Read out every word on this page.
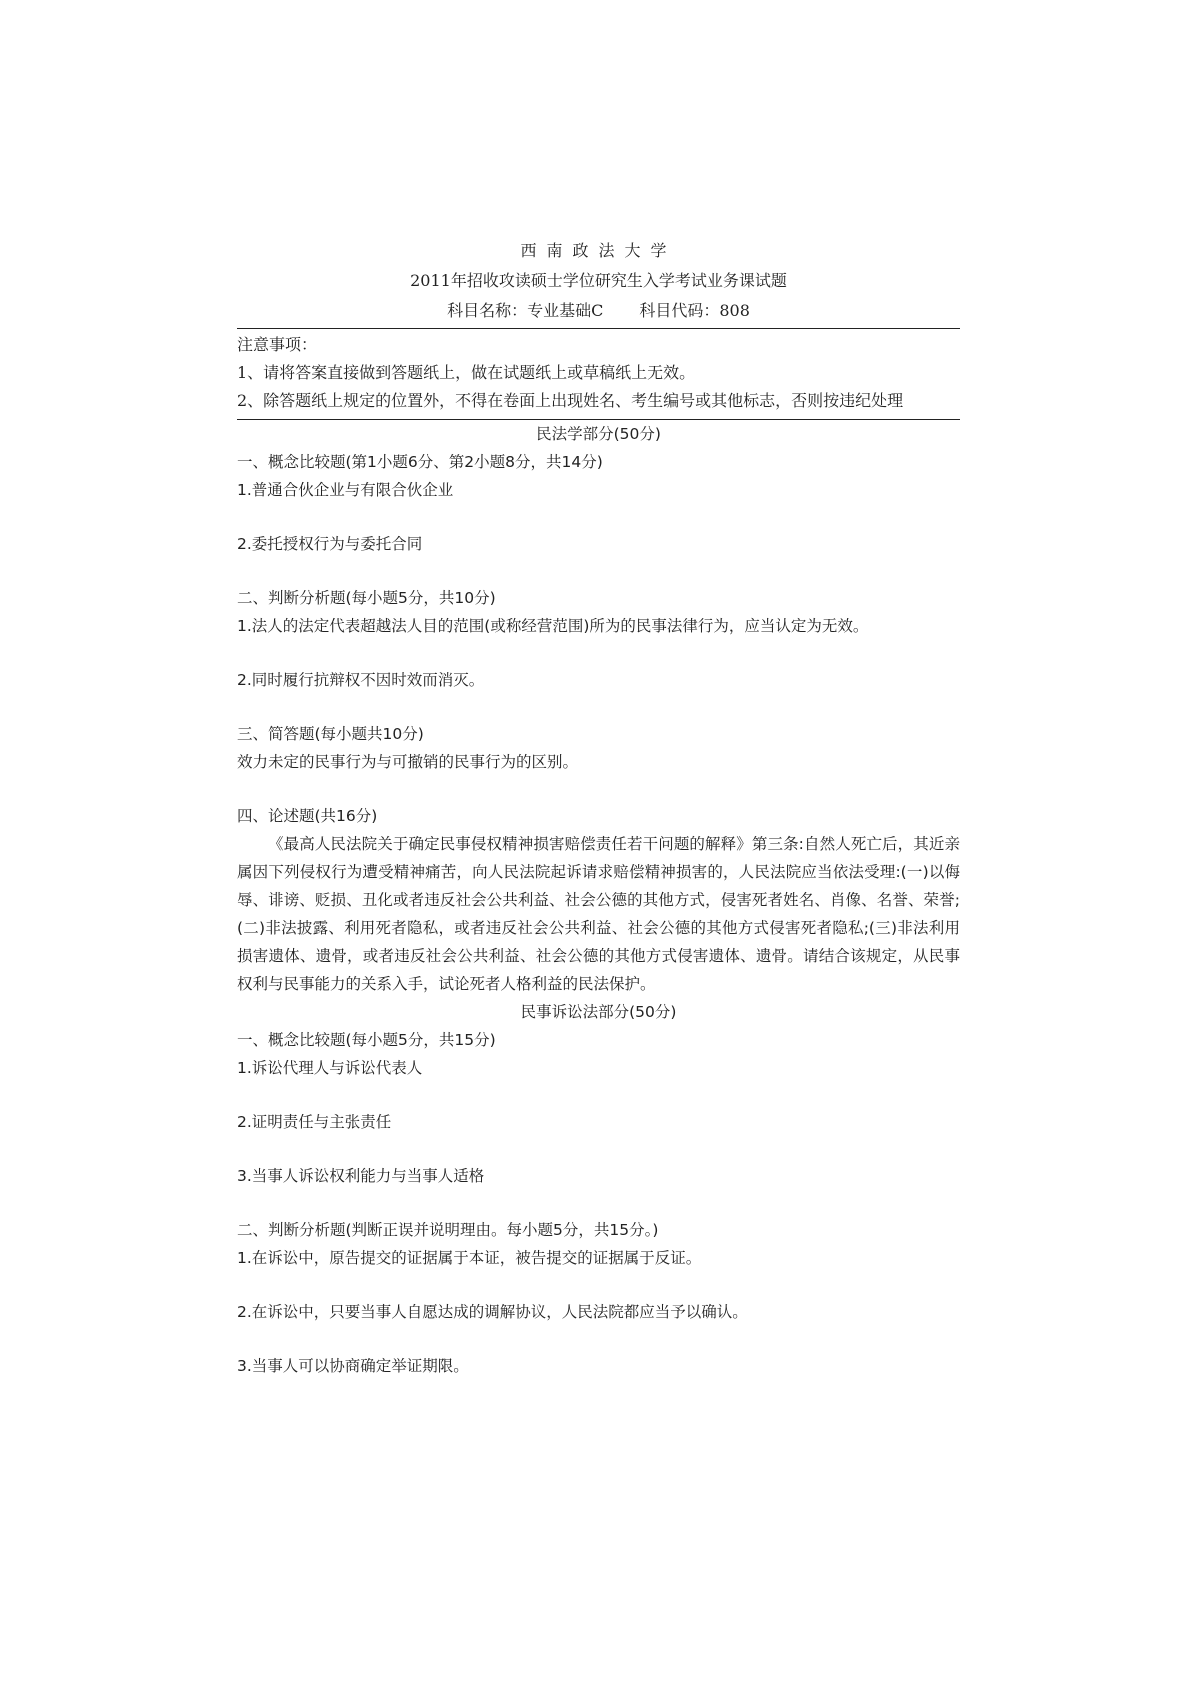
西南政法大学
2011年招收攻读硕士学位研究生入学考试业务课试题
科目名称：专业基础C 科目代码：808

注意事项：

1、请将答案直接做到答题纸上，做在试题纸上或草稿纸上无效。

2、除答题纸上规定的位置外，不得在卷面上出现姓名、考生编号或其他标志，否则按违纪处理

民法学部分(50分)

一、概念比较题(第1小题6分、第2小题8分，共14分)

1.普通合伙企业与有限合伙企业

2.委托授权行为与委托合同

二、判断分析题(每小题5分，共10分)

1.法人的法定代表超越法人目的范围(或称经营范围)所为的民事法律行为，应当认定为无效。

2.同时履行抗辩权不因时效而消灭。

三、简答题(每小题共10分)

效力未定的民事行为与可撤销的民事行为的区别。

四、论述题(共16分)

《最高人民法院关于确定民事侵权精神损害赔偿责任若干问题的解释》第三条:自然人死亡后，其近亲属因下列侵权行为遭受精神痛苦，向人民法院起诉请求赔偿精神损害的，人民法院应当依法受理:(一)以侮辱、诽谤、贬损、丑化或者违反社会公共利益、社会公德的其他方式，侵害死者姓名、肖像、名誉、荣誉;(二)非法披露、利用死者隐私，或者违反社会公共利益、社会公德的其他方式侵害死者隐私;(三)非法利用损害遗体、遗骨，或者违反社会公共利益、社会公德的其他方式侵害遗体、遗骨。请结合该规定，从民事权利与民事能力的关系入手，试论死者人格利益的民法保护。

民事诉讼法部分(50分)

一、概念比较题(每小题5分，共15分)

1.诉讼代理人与诉讼代表人

2.证明责任与主张责任

3.当事人诉讼权利能力与当事人适格

二、判断分析题(判断正误并说明理由。每小题5分，共15分。)

1.在诉讼中，原告提交的证据属于本证，被告提交的证据属于反证。

2.在诉讼中，只要当事人自愿达成的调解协议，人民法院都应当予以确认。

3.当事人可以协商确定举证期限。
